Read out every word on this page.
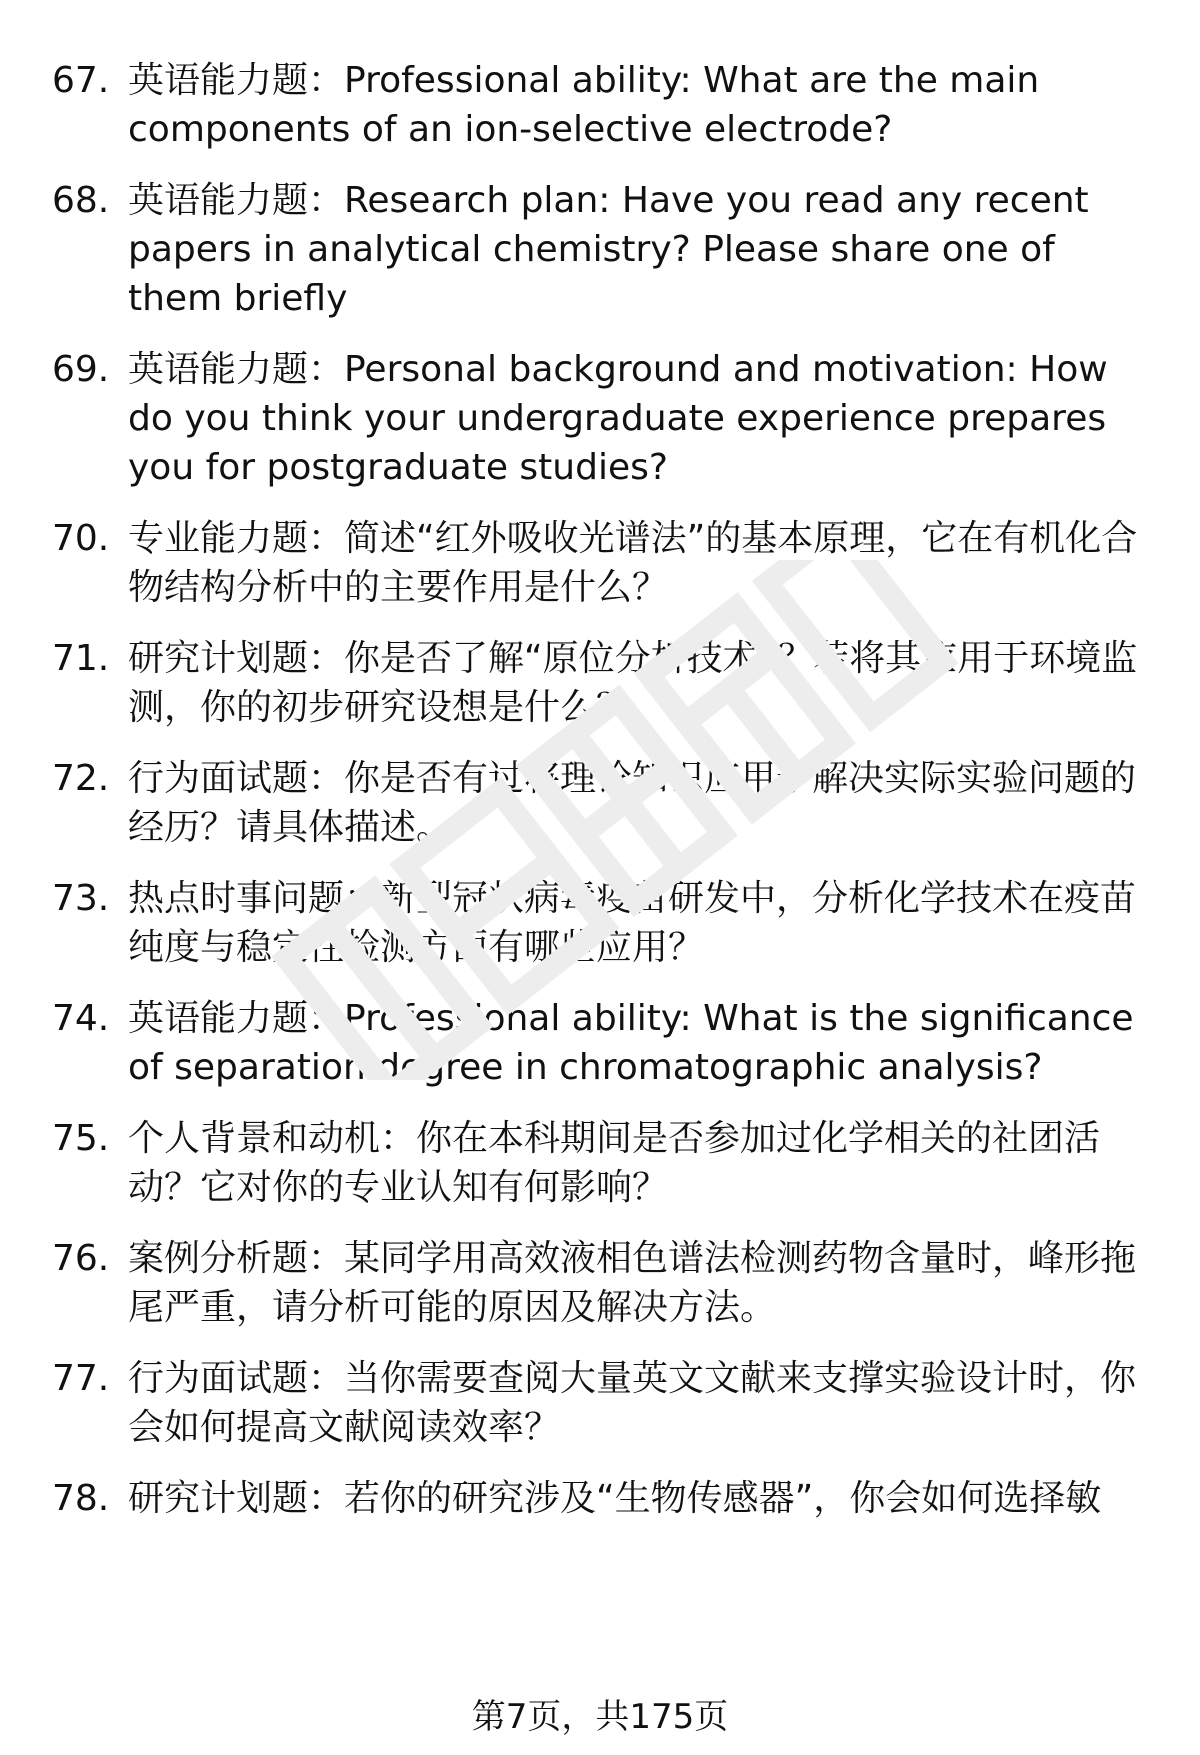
67. 英语能力题：Professional ability: What are the main components of an ion-selective electrode?
68. 英语能力题：Research plan: Have you read any recent papers in analytical chemistry? Please share one of them briefly
69. 英语能力题：Personal background and motivation: How do you think your undergraduate experience prepares you for postgraduate studies?
70. 专业能力题：简述“红外吸收光谱法”的基本原理，它在有机化合物结构分析中的主要作用是什么？
71. 研究计划题：你是否了解“原位分析技术”？若将其应用于环境监测，你的初步研究设想是什么？
72. 行为面试题：你是否有过将理论知识应用于解决实际实验问题的经历？请具体描述。
73. 热点时事问题：新型冠状病毒疫苗研发中，分析化学技术在疫苗纯度与稳定性检测方面有哪些应用？
74. 英语能力题：Professional ability: What is the significance of separation degree in chromatographic analysis?
75. 个人背景和动机：你在本科期间是否参加过化学相关的社团活动？它对你的专业认知有何影响？
76. 案例分析题：某同学用高效液相色谱法检测药物含量时，峰形拖尾严重，请分析可能的原因及解决方法。
77. 行为面试题：当你需要查阅大量英文文献来支撑实验设计时，你会如何提高文献阅读效率？
78. 研究计划题：若你的研究涉及“生物传感器”，你会如何选择敏
第7页，共175页
